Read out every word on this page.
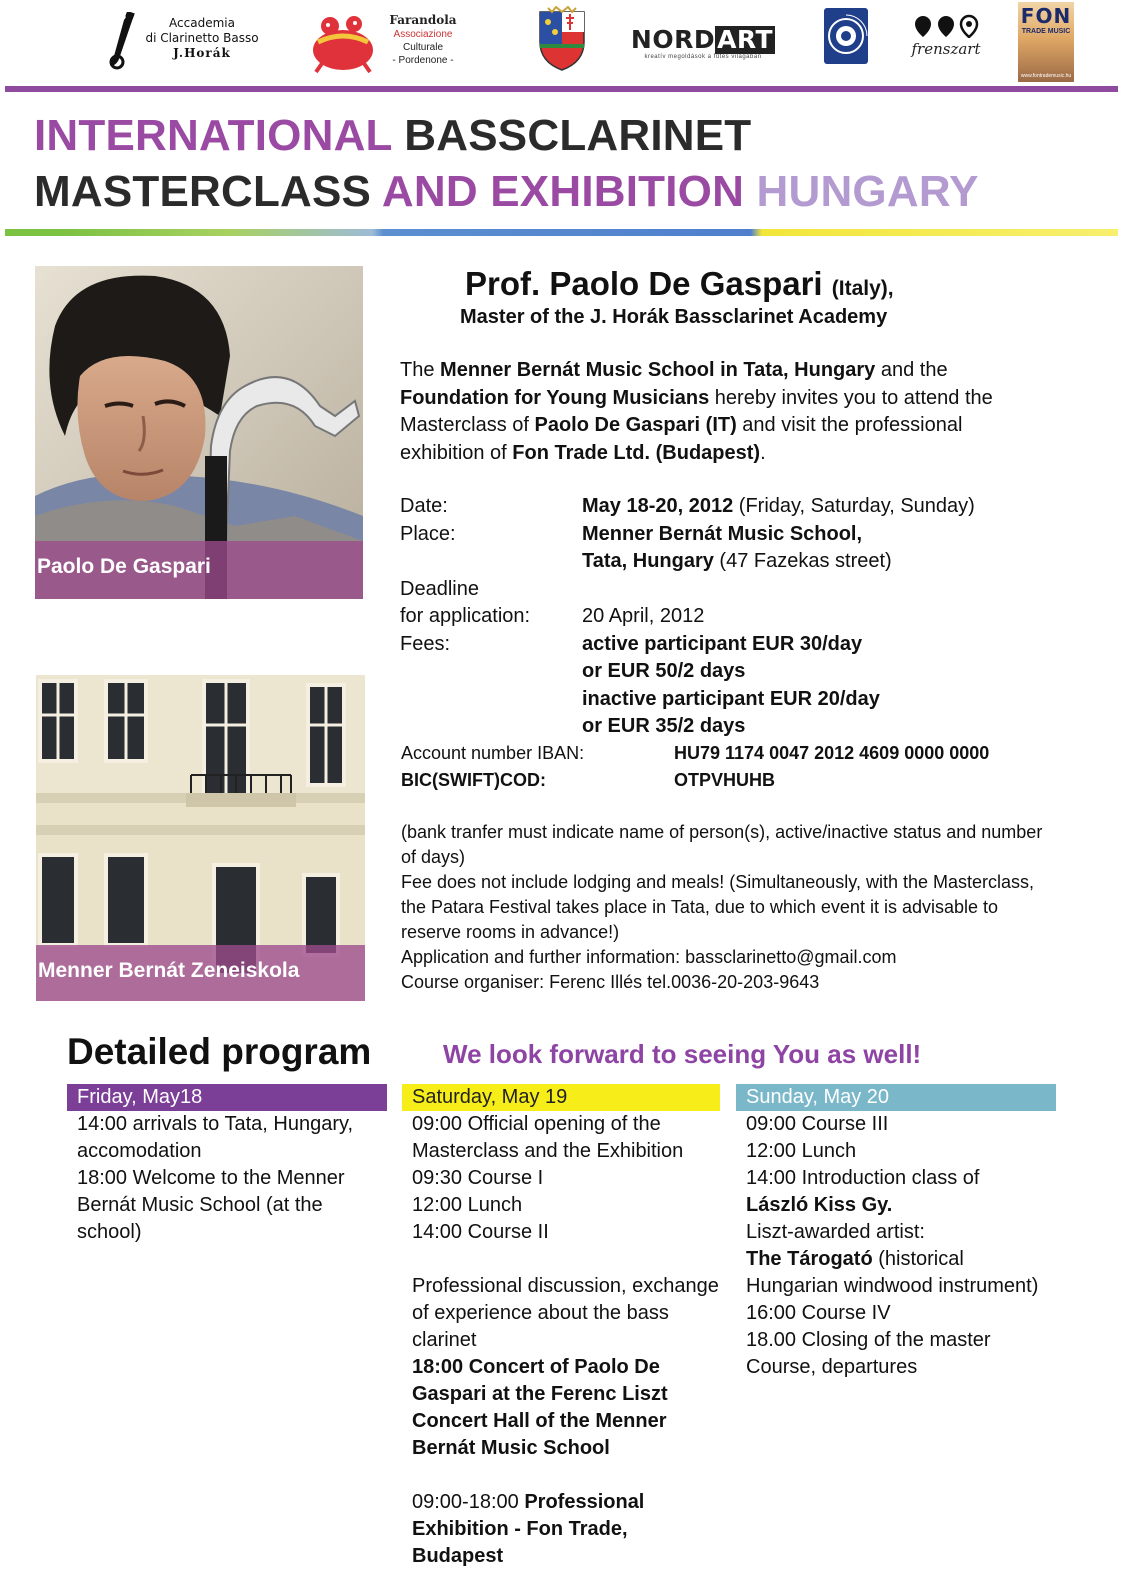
Accademia
di Clarinetto Basso
J.Horák
Farandola
Associazione
Culturale
- Pordenone -
NORDART
kreatív megoldások a fűtés világában	frenszart
FON
TRADE MUSIC
www.fontrademusic.hu
INTERNATIONAL BASSCLARINET
MASTERCLASS AND EXHIBITION HUNGARY
Paolo De Gaspari
Menner Bernát Zeneiskola
Prof. Paolo De Gaspari (Italy),
Master of the J. Horák Bassclarinet Academy
The Menner Bernát Music School in Tata, Hungary and the Foundation for Young Musicians hereby invites you to attend the Masterclass of Paolo De Gaspari (IT) and visit the professional exhibition of Fon Trade Ltd. (Budapest).
Date:	May 18-20, 2012 (Friday, Saturday, Sunday)
Place:	Menner Bernát Music School,
Tata, Hungary (47 Fazekas street)
Deadline
for application:	20 April, 2012
Fees:	active participant EUR 30/day
or EUR 50/2 days
inactive participant EUR 20/day
or EUR 35/2 days
Account number IBAN:	HU79 1174 0047 2012 4609 0000 0000
BIC(SWIFT)COD:	OTPVHUHB
(bank tranfer must indicate name of person(s), active/inactive status and number of days)
Fee does not include lodging and meals! (Simultaneously, with the Masterclass, the Patara Festival takes place in Tata, due to which event it is advisable to reserve rooms in advance!)
Application and further information: bassclarinetto@gmail.com
Course organiser: Ferenc Illés tel.0036-20-203-9643
Detailed program	We look forward to seeing You as well!
Friday, May18

14:00 arrivals to Tata, Hungary, accomodation

18:00 Welcome to the Menner Bernát Music School (at the school)

Saturday, May 19

09:00 Official opening of the Masterclass and the Exhibition

09:30 Course I

12:00 Lunch

14:00 Course II

Professional discussion, exchange of experience about the bass clarinet

18:00 Concert of Paolo De Gaspari at the Ferenc Liszt Concert Hall of the Menner Bernát Music School

09:00-18:00 Professional Exhibition - Fon Trade, Budapest

Sunday, May 20

09:00 Course III

12:00 Lunch

14:00 Introduction class of

László Kiss Gy.

Liszt-awarded artist:

The Tárogató (historical Hungarian windwood instrument)

16:00 Course IV

18.00 Closing of the master Course, departures
